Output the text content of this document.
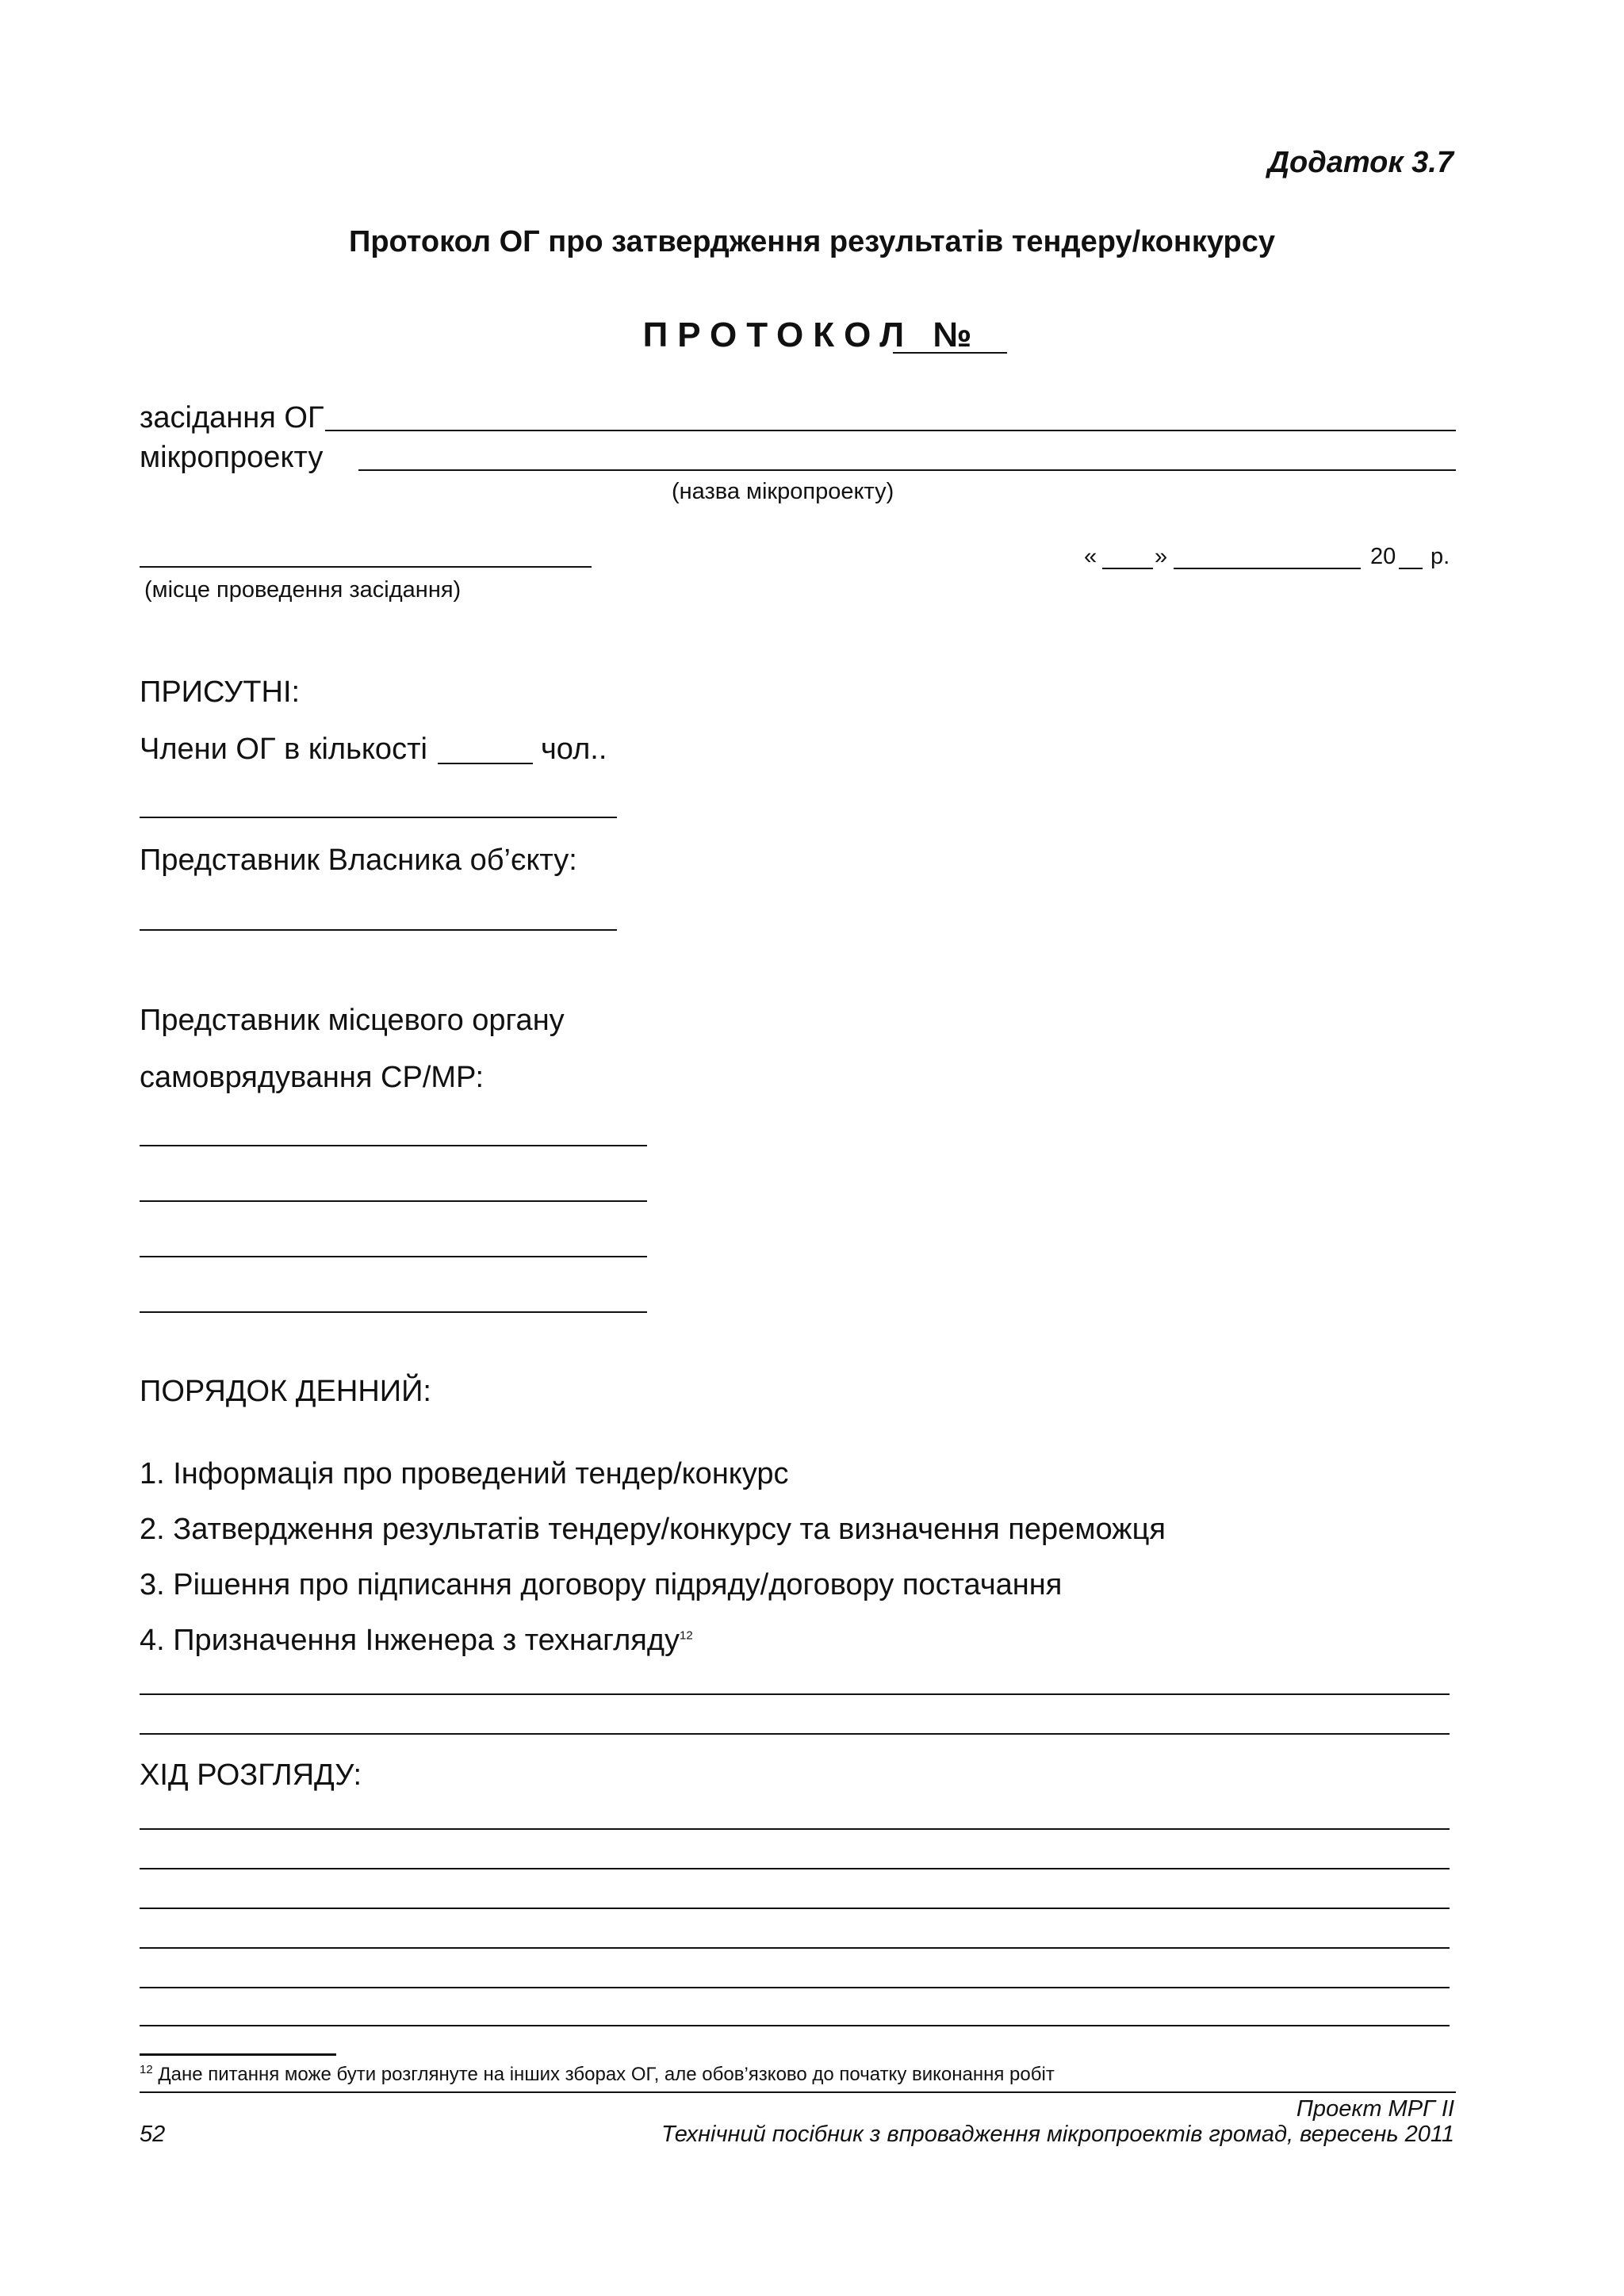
Додаток 3.7
Протокол ОГ про затвердження результатів тендеру/конкурсу
ПРОТОКОЛ №
засідання ОГ
мікропроекту
(назва мікропроекту)
(місце проведення засідання)
«	»	20 р.
ПРИСУТНІ:
Члени ОГ в кількості	чол..
Представник Власника об’єкту:
Представник місцевого органу
самоврядування СР/МР:
ПОРЯДОК ДЕННИЙ:
1. Інформація про проведений тендер/конкурс
2. Затвердження результатів тендеру/конкурсу та визначення переможця
3. Рішення про підписання договору підряду/договору постачання
4. Призначення Інженера з технагляду$^{12}$
ХІД РОЗГЛЯДУ:
$^{12}$ Дане питання може бути розглянуте на інших зборах ОГ, але обов’язково до початку виконання робіт
Проект МРГ ІІ
52	Технічний посібник з впровадження мікропроектів громад, вересень 2011
